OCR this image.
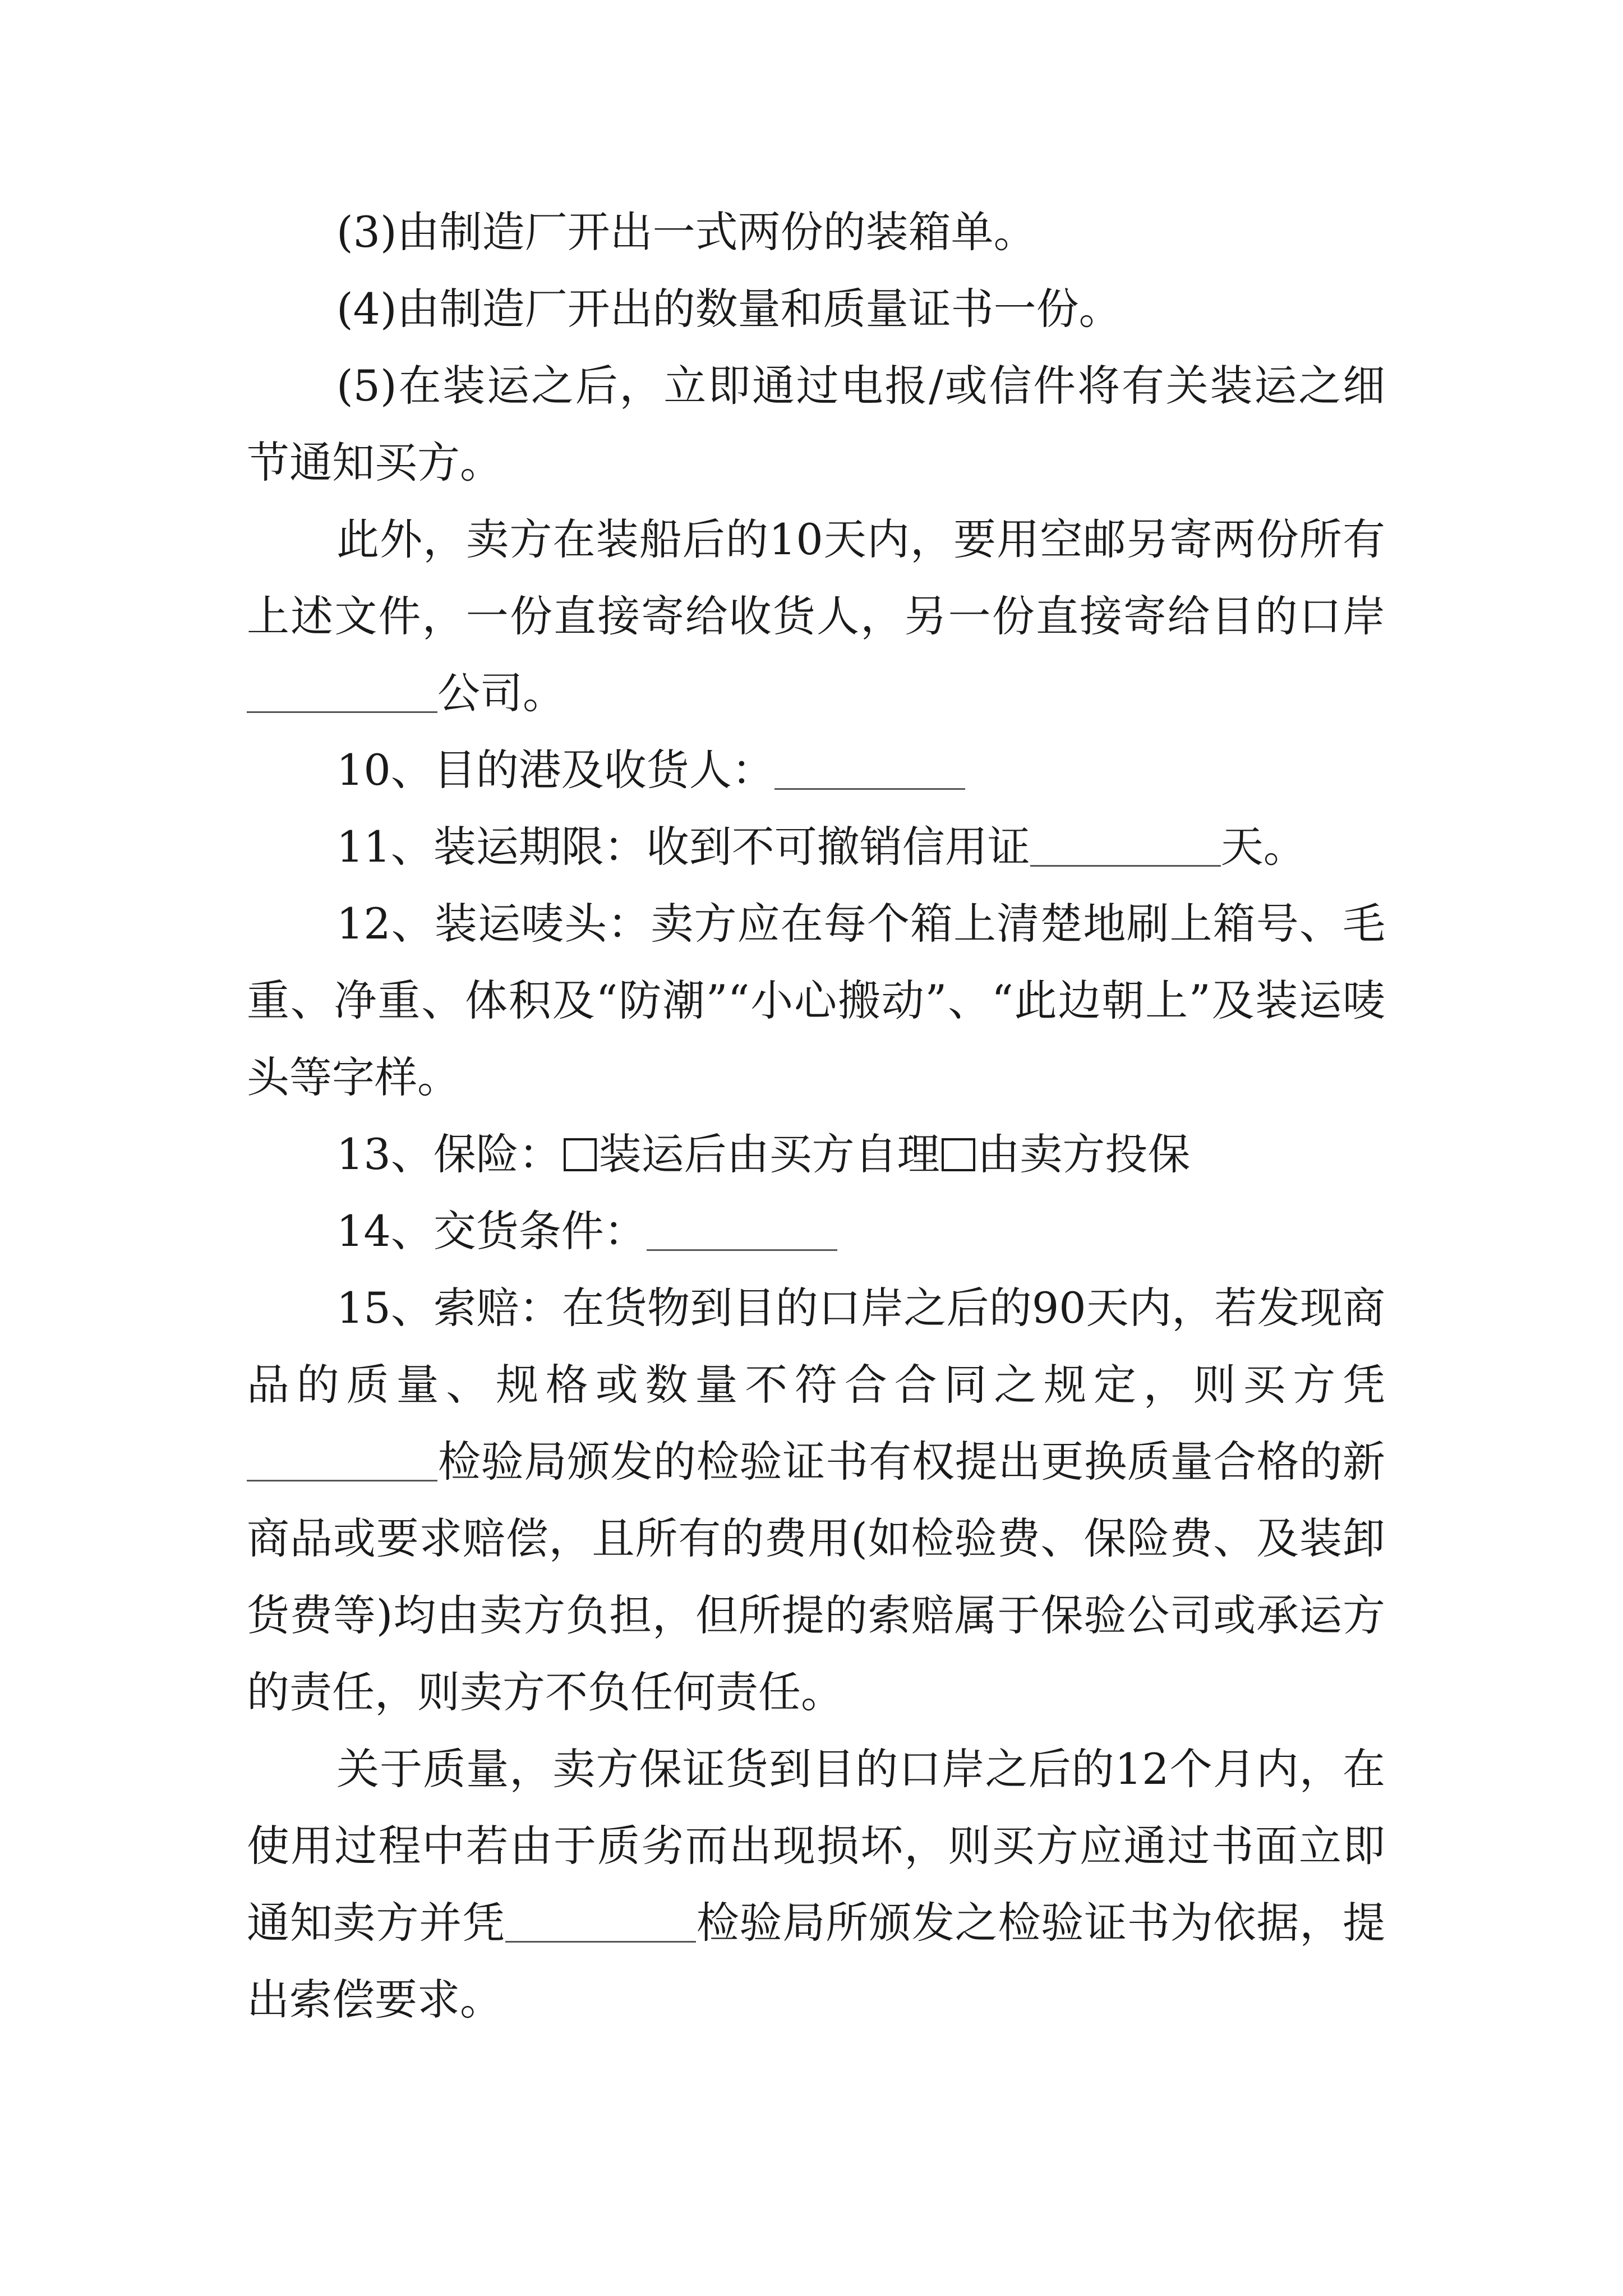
(3)由制造厂开出一式两份的装箱单。

(4)由制造厂开出的数量和质量证书一份。

(5)在装运之后，立即通过电报/或信件将有关装运之细节通知买方。

此外，卖方在装船后的10天内，要用空邮另寄两份所有上述文件，一份直接寄给收货人，另一份直接寄给目的口岸公司。

10、目的港及收货人：

11、装运期限：收到不可撤销信用证	天。

12、装运唛头：卖方应在每个箱上清楚地刷上箱号、毛重、净重、体积及“防潮”“小心搬动”、“此边朝上”及装运唛头等字样。

13、保险： 装运后由买方自理 由卖方投保

14、交货条件：

15、索赔：在货物到目的口岸之后的90天内，若发现商品的质量、规格或数量不符合合同之规定，则买方凭检验局颁发的检验证书有权提出更换质量合格的新商品或要求赔偿，且所有的费用(如检验费、保险费、及装卸货费等)均由卖方负担，但所提的索赔属于保验公司或承运方的责任，则卖方不负任何责任。

关于质量，卖方保证货到目的口岸之后的12个月内，在使用过程中若由于质劣而出现损坏，则买方应通过书面立即通知卖方并凭	检验局所颁发之检验证书为依据，提出索偿要求。
